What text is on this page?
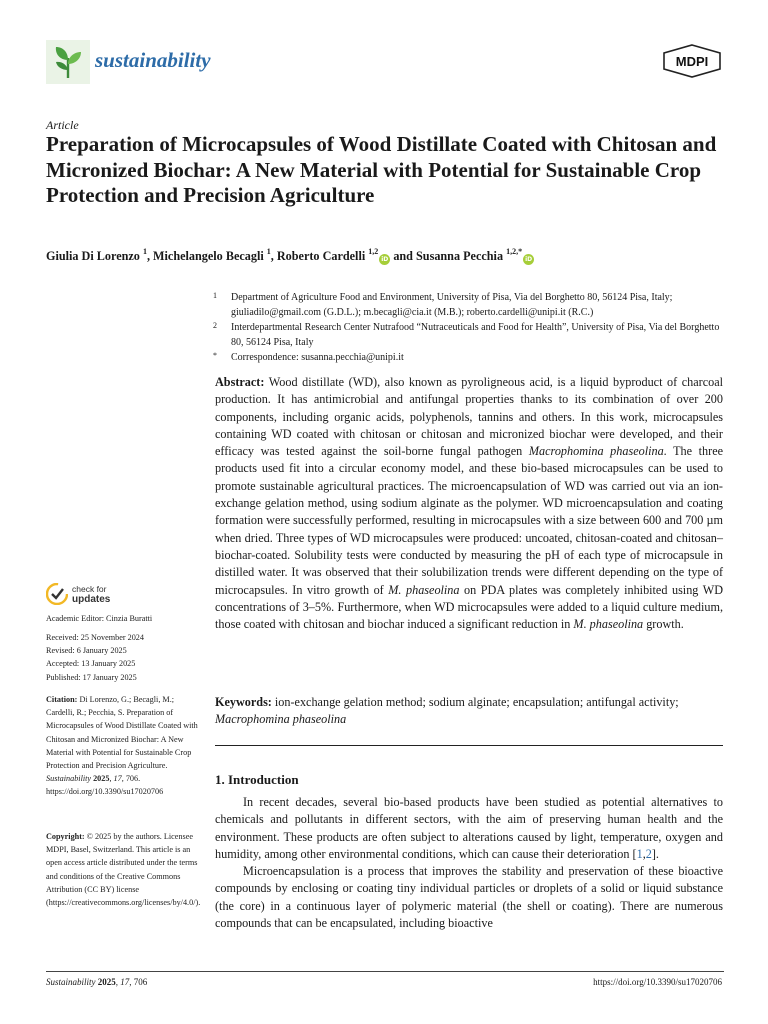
sustainability	MDPI
Article
Preparation of Microcapsules of Wood Distillate Coated with Chitosan and Micronized Biochar: A New Material with Potential for Sustainable Crop Protection and Precision Agriculture
Giulia Di Lorenzo $^1$, Michelangelo Becagli $^1$, Roberto Cardelli $^{1,2}$iD and Susanna Pecchia $^{1,2,*}$iD
1 Department of Agriculture Food and Environment, University of Pisa, Via del Borghetto 80, 56124 Pisa, Italy; giuliadilo@gmail.com (G.D.L.); m.becagli@cia.it (M.B.); roberto.cardelli@unipi.it (R.C.)
2 Interdepartmental Research Center Nutrafood “Nutraceuticals and Food for Health”, University of Pisa, Via del Borghetto 80, 56124 Pisa, Italy
* Correspondence: susanna.pecchia@unipi.it
Abstract: Wood distillate (WD), also known as pyroligneous acid, is a liquid byproduct of charcoal production. It has antimicrobial and antifungal properties thanks to its combination of over 200 components, including organic acids, polyphenols, tannins and others. In this work, microcapsules containing WD coated with chitosan or chitosan and micronized biochar were developed, and their efficacy was tested against the soil-borne fungal pathogen Macrophomina phaseolina. The three products used fit into a circular economy model, and these bio-based microcapsules can be used to promote sustainable agricultural practices. The microencapsulation of WD was carried out via an ion-exchange gelation method, using sodium alginate as the polymer. WD microencapsulation and coating formation were successfully performed, resulting in microcapsules with a size between 600 and 700 µm when dried. Three types of WD microcapsules were produced: uncoated, chitosan-coated and chitosan–biochar-coated. Solubility tests were conducted by measuring the pH of each type of microcapsule in distilled water. It was observed that their solubilization trends were different depending on the type of microcapsules. In vitro growth of M. phaseolina on PDA plates was completely inhibited using WD concentrations of 3–5%. Furthermore, when WD microcapsules were added to a liquid culture medium, those coated with chitosan and biochar induced a significant reduction in M. phaseolina growth.
Keywords: ion-exchange gelation method; sodium alginate; encapsulation; antifungal activity; Macrophomina phaseolina
1. Introduction

In recent decades, several bio-based products have been studied as potential alternatives to chemicals and pollutants in different sectors, with the aim of preserving human health and the environment. These products are often subject to alterations caused by light, temperature, oxygen and humidity, among other environmental conditions, which can cause their deterioration [1,2].

Microencapsulation is a process that improves the stability and preservation of these bioactive compounds by enclosing or coating tiny individual particles or droplets of a solid or liquid substance (the core) in a continuous layer of polymeric material (the shell or coating). There are numerous compounds that can be encapsulated, including bioactive

check for
updates
Academic Editor: Cinzia Buratti

Received: 25 November 2024

Revised: 6 January 2025

Accepted: 13 January 2025

Published: 17 January 2025

Citation: Di Lorenzo, G.; Becagli, M.; Cardelli, R.; Pecchia, S. Preparation of Microcapsules of Wood Distillate Coated with Chitosan and Micronized Biochar: A New Material with Potential for Sustainable Crop Protection and Precision Agriculture. Sustainability 2025, 17, 706. https://doi.org/10.3390/su17020706
Copyright: © 2025 by the authors. Licensee MDPI, Basel, Switzerland. This article is an open access article distributed under the terms and conditions of the Creative Commons Attribution (CC BY) license (https://creativecommons.org/licenses/by/4.0/).
Sustainability 2025, 17, 706	https://doi.org/10.3390/su17020706
